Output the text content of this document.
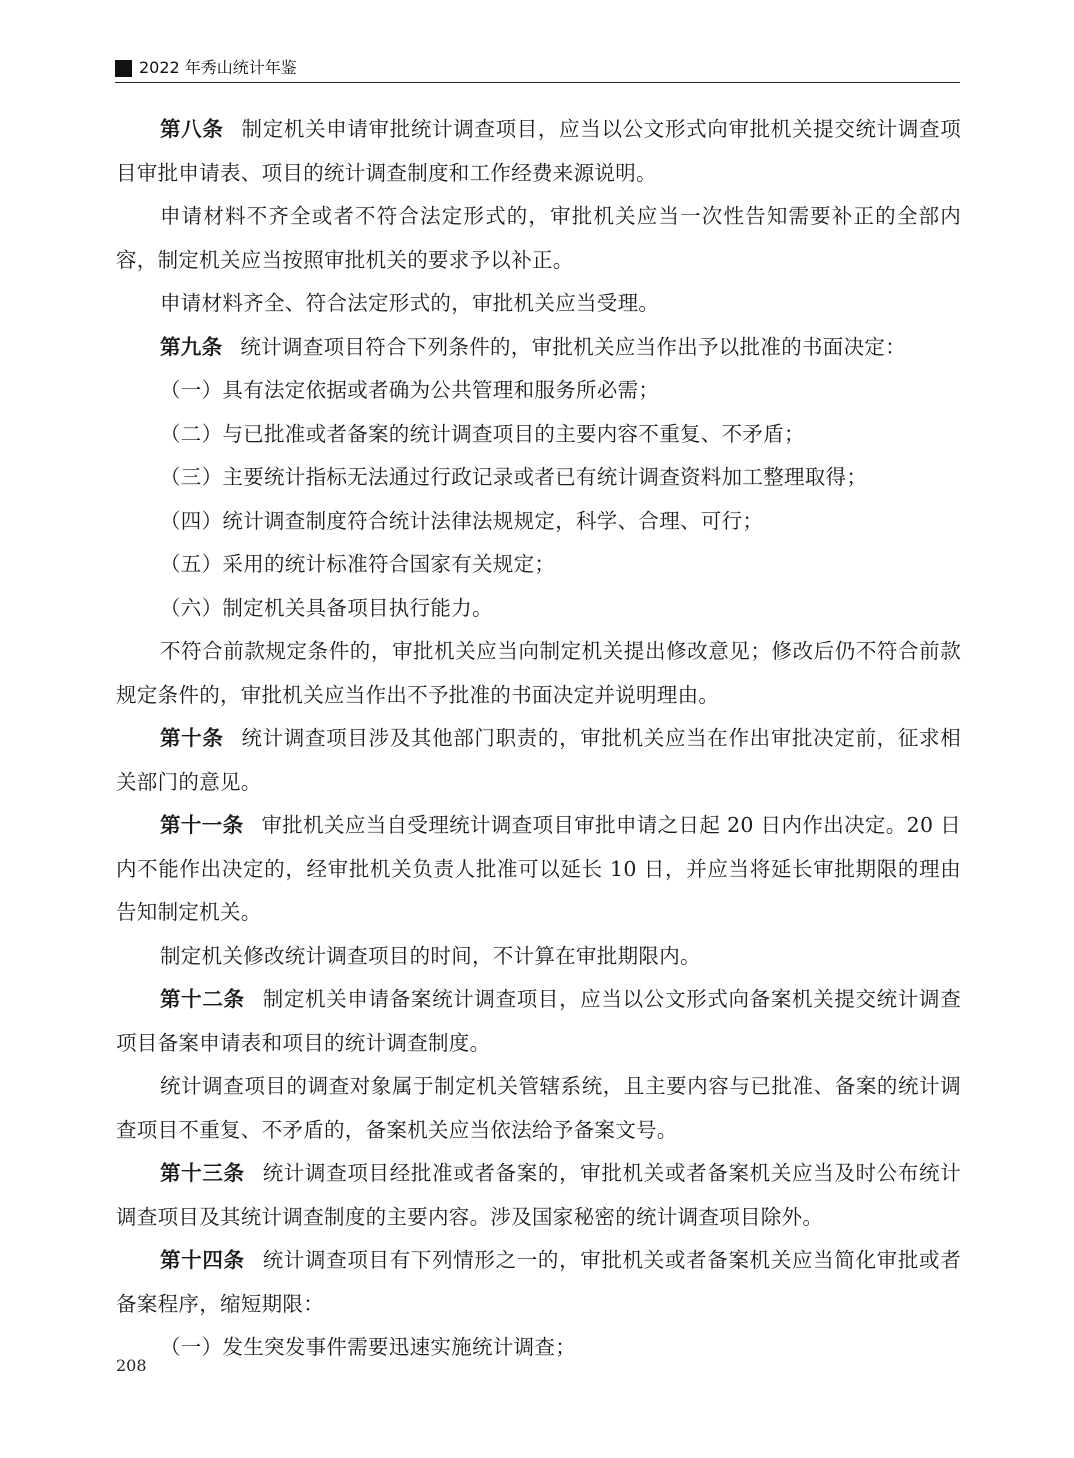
2022 年秀山统计年鉴

第八条 制定机关申请审批统计调查项目，应当以公文形式向审批机关提交统计调查项目审批申请表、项目的统计调查制度和工作经费来源说明。

申请材料不齐全或者不符合法定形式的，审批机关应当一次性告知需要补正的全部内容，制定机关应当按照审批机关的要求予以补正。

申请材料齐全、符合法定形式的，审批机关应当受理。

第九条 统计调查项目符合下列条件的，审批机关应当作出予以批准的书面决定：

（一）具有法定依据或者确为公共管理和服务所必需；

（二）与已批准或者备案的统计调查项目的主要内容不重复、不矛盾；

（三）主要统计指标无法通过行政记录或者已有统计调查资料加工整理取得；

（四）统计调查制度符合统计法律法规规定，科学、合理、可行；

（五）采用的统计标准符合国家有关规定；

（六）制定机关具备项目执行能力。

不符合前款规定条件的，审批机关应当向制定机关提出修改意见；修改后仍不符合前款规定条件的，审批机关应当作出不予批准的书面决定并说明理由。

第十条 统计调查项目涉及其他部门职责的，审批机关应当在作出审批决定前，征求相关部门的意见。

第十一条 审批机关应当自受理统计调查项目审批申请之日起 20 日内作出决定。20 日内不能作出决定的，经审批机关负责人批准可以延长 10 日，并应当将延长审批期限的理由告知制定机关。

制定机关修改统计调查项目的时间，不计算在审批期限内。

第十二条 制定机关申请备案统计调查项目，应当以公文形式向备案机关提交统计调查项目备案申请表和项目的统计调查制度。

统计调查项目的调查对象属于制定机关管辖系统，且主要内容与已批准、备案的统计调查项目不重复、不矛盾的，备案机关应当依法给予备案文号。

第十三条 统计调查项目经批准或者备案的，审批机关或者备案机关应当及时公布统计调查项目及其统计调查制度的主要内容。涉及国家秘密的统计调查项目除外。

第十四条 统计调查项目有下列情形之一的，审批机关或者备案机关应当简化审批或者备案程序，缩短期限：

（一）发生突发事件需要迅速实施统计调查；

208
